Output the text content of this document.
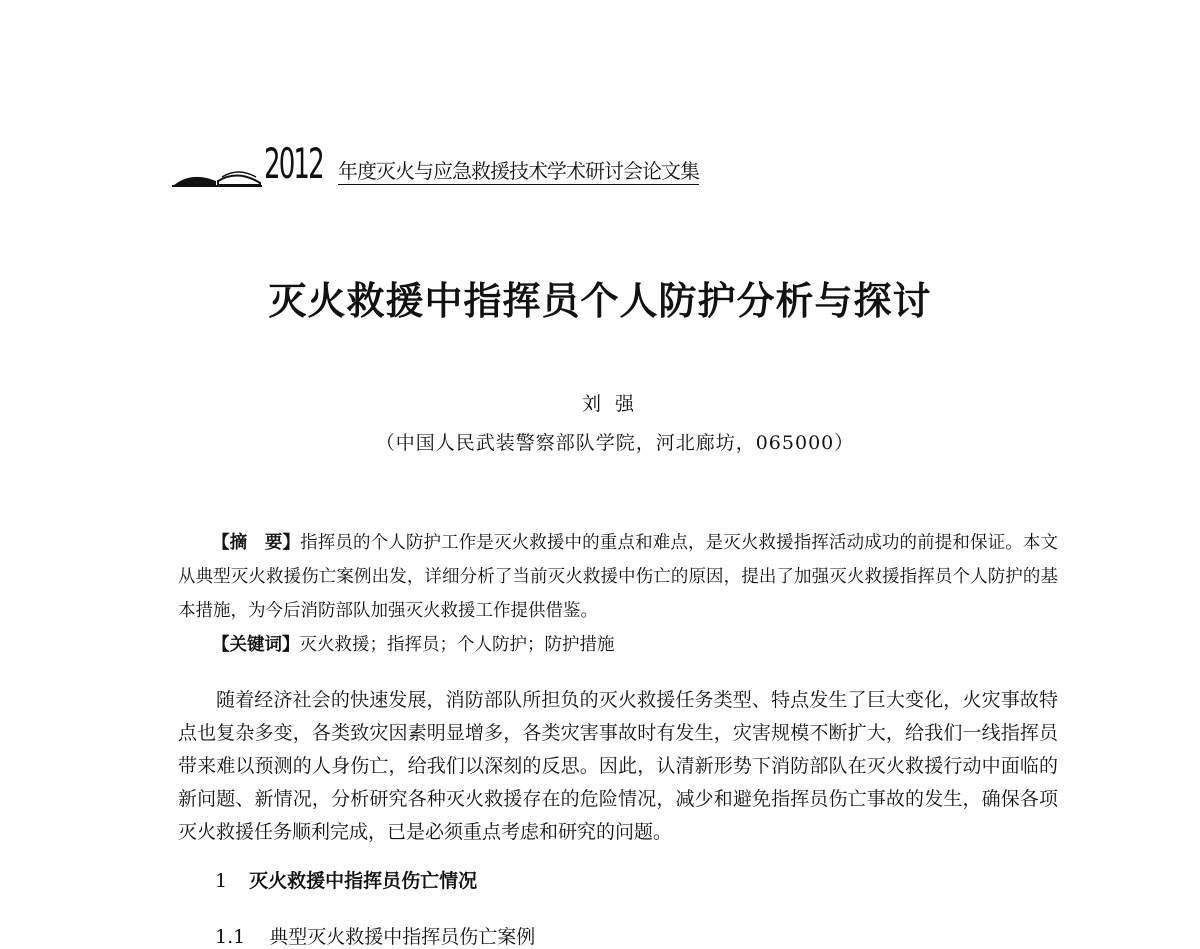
2012 年度灭火与应急救援技术学术研讨会论文集
灭火救援中指挥员个人防护分析与探讨
刘强
（中国人民武装警察部队学院，河北廊坊，065000）

【摘　要】指挥员的个人防护工作是灭火救援中的重点和难点，是灭火救援指挥活动成功的前提和保证。本文从典型灭火救援伤亡案例出发，详细分析了当前灭火救援中伤亡的原因，提出了加强灭火救援指挥员个人防护的基本措施，为今后消防部队加强灭火救援工作提供借鉴。

【关键词】灭火救援；指挥员；个人防护；防护措施

随着经济社会的快速发展，消防部队所担负的灭火救援任务类型、特点发生了巨大变化，火灾事故特点也复杂多变，各类致灾因素明显增多，各类灾害事故时有发生，灾害规模不断扩大，给我们一线指挥员带来难以预测的人身伤亡，给我们以深刻的反思。因此，认清新形势下消防部队在灭火救援行动中面临的新问题、新情况，分析研究各种灭火救援存在的危险情况，减少和避免指挥员伤亡事故的发生，确保各项灭火救援任务顺利完成，已是必须重点考虑和研究的问题。

1 灭火救援中指挥员伤亡情况
1.1 典型灭火救援中指挥员伤亡案例
